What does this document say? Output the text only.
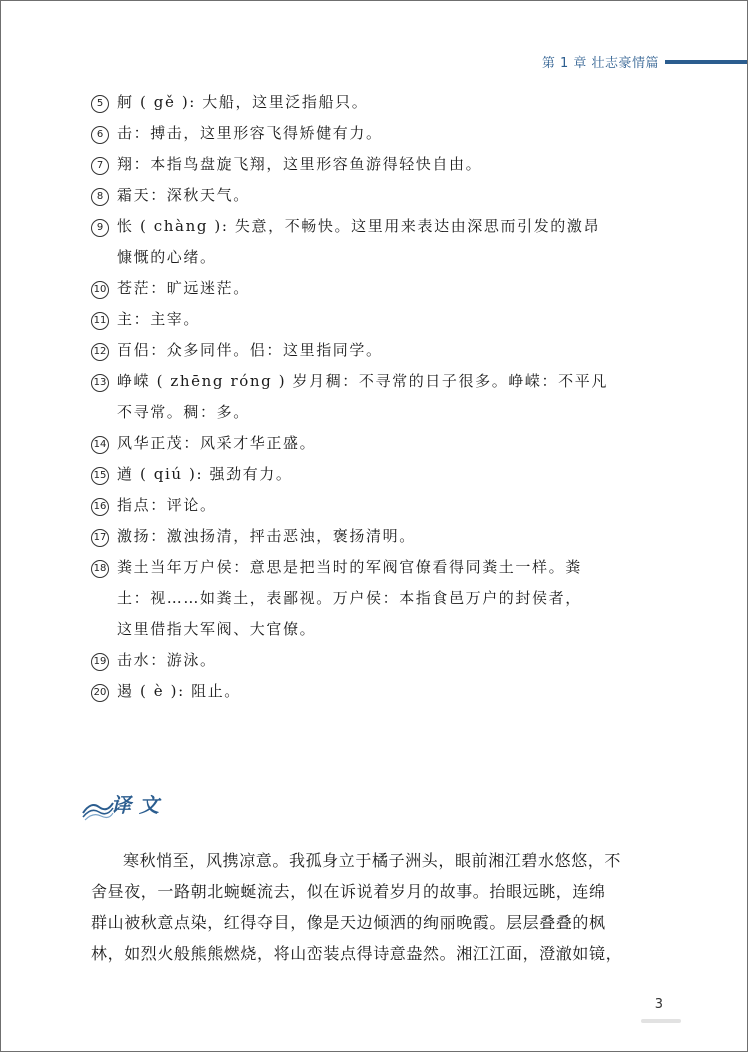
第 1 章 壮志豪情篇
5 舸 ( gě ): 大船，这里泛指船只。
6 击：搏击，这里形容飞得矫健有力。
7 翔：本指鸟盘旋飞翔，这里形容鱼游得轻快自由。
8 霜天：深秋天气。
9 怅 ( chàng ): 失意，不畅快。这里用来表达由深思而引发的激昂
慷慨的心绪。
10 苍茫：旷远迷茫。
11 主：主宰。
12 百侣：众多同伴。侣：这里指同学。
13 峥嵘 ( zhēng róng ) 岁月稠：不寻常的日子很多。峥嵘：不平凡
不寻常。稠：多。
14 风华正茂：风采才华正盛。
15 遒 ( qiú ): 强劲有力。
16 指点：评论。
17 激扬：激浊扬清，抨击恶浊，褒扬清明。
18 粪土当年万户侯：意思是把当时的军阀官僚看得同粪土一样。粪
土：视……如粪土，表鄙视。万户侯：本指食邑万户的封侯者，
这里借指大军阀、大官僚。
19 击水：游泳。
20 遏 ( è ): 阻止。
译文
寒秋悄至，风携凉意。我孤身立于橘子洲头，眼前湘江碧水悠悠，不
舍昼夜，一路朝北蜿蜒流去，似在诉说着岁月的故事。抬眼远眺，连绵
群山被秋意点染，红得夺目，像是天边倾洒的绚丽晚霞。层层叠叠的枫
林，如烈火般熊熊燃烧，将山峦装点得诗意盎然。湘江江面，澄澈如镜，
3
